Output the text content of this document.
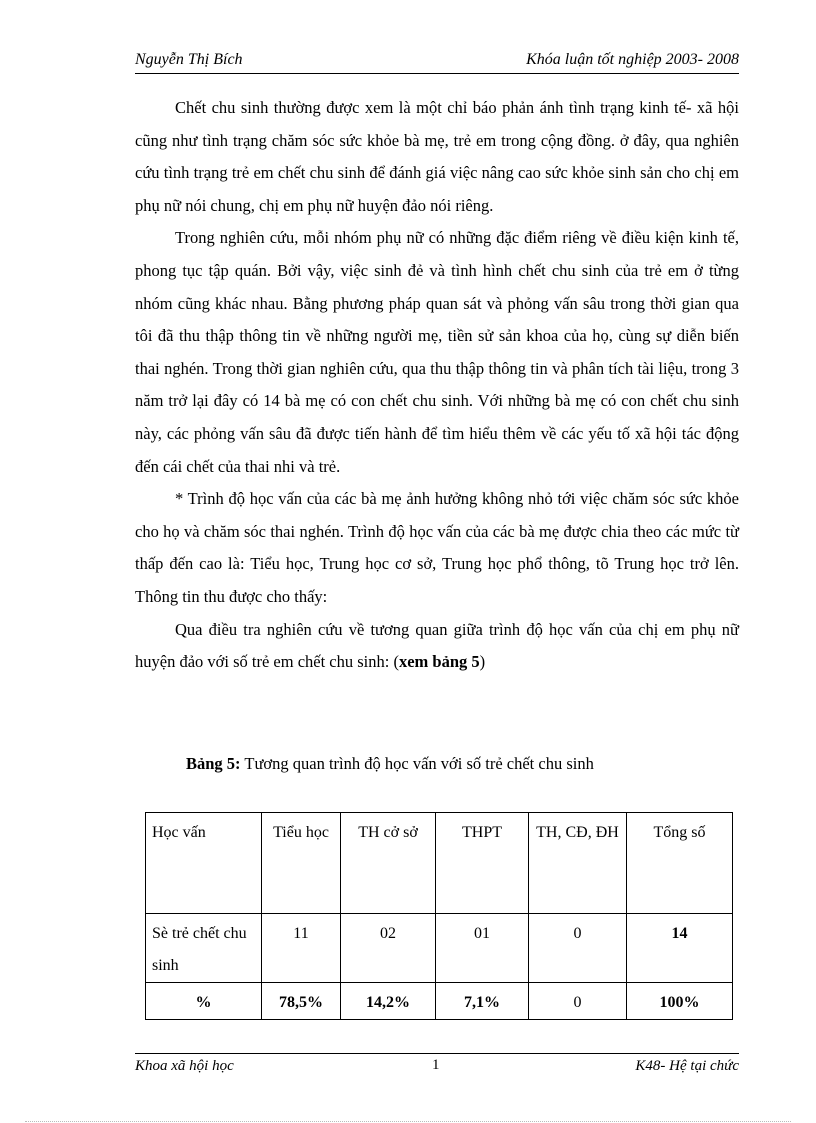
Nguyễn Thị Bích	Khóa luận tốt nghiệp 2003- 2008

Chết chu sinh thường được xem là một chỉ báo phản ánh tình trạng kinh tế- xã hội cũng như tình trạng chăm sóc sức khỏe bà mẹ, trẻ em trong cộng đồng. ở đây, qua nghiên cứu tình trạng trẻ em chết chu sinh để đánh giá việc nâng cao sức khỏe sinh sản cho chị em phụ nữ nói chung, chị em phụ nữ huyện đảo nói riêng.

Trong nghiên cứu, mỗi nhóm phụ nữ có những đặc điểm riêng về điều kiện kinh tế, phong tục tập quán. Bởi vậy, việc sinh đẻ và tình hình chết chu sinh của trẻ em ở từng nhóm cũng khác nhau. Bằng phương pháp quan sát và phỏng vấn sâu trong thời gian qua tôi đã thu thập thông tin về những người mẹ, tiền sử sản khoa của họ, cùng sự diễn biến thai nghén. Trong thời gian nghiên cứu, qua thu thập thông tin và phân tích tài liệu, trong 3 năm trở lại đây có 14 bà mẹ có con chết chu sinh. Với những bà mẹ có con chết chu sinh này, các phỏng vấn sâu đã được tiến hành để tìm hiểu thêm về các yếu tố xã hội tác động đến cái chết của thai nhi và trẻ.

* Trình độ học vấn của các bà mẹ ảnh hưởng không nhỏ tới việc chăm sóc sức khỏe cho họ và chăm sóc thai nghén. Trình độ học vấn của các bà mẹ được chia theo các mức từ thấp đến cao là: Tiểu học, Trung học cơ sở, Trung học phổ thông, tõ Trung học trở lên. Thông tin thu được cho thấy:

Qua điều tra nghiên cứu về tương quan giữa trình độ học vấn của chị em phụ nữ huyện đảo với số trẻ em chết chu sinh: (xem bảng 5)

Bảng 5: Tương quan trình độ học vấn với số trẻ chết chu sinh
Học vấn	Tiểu học	TH cở sở	THPT	TH, CĐ, ĐH	Tổng số
Sè trẻ chết chu sinh	11	02	01	0	14
%	78,5%	14,2%	7,1%	0	100%
Khoa xã hội học	1	K48- Hệ tại chức
